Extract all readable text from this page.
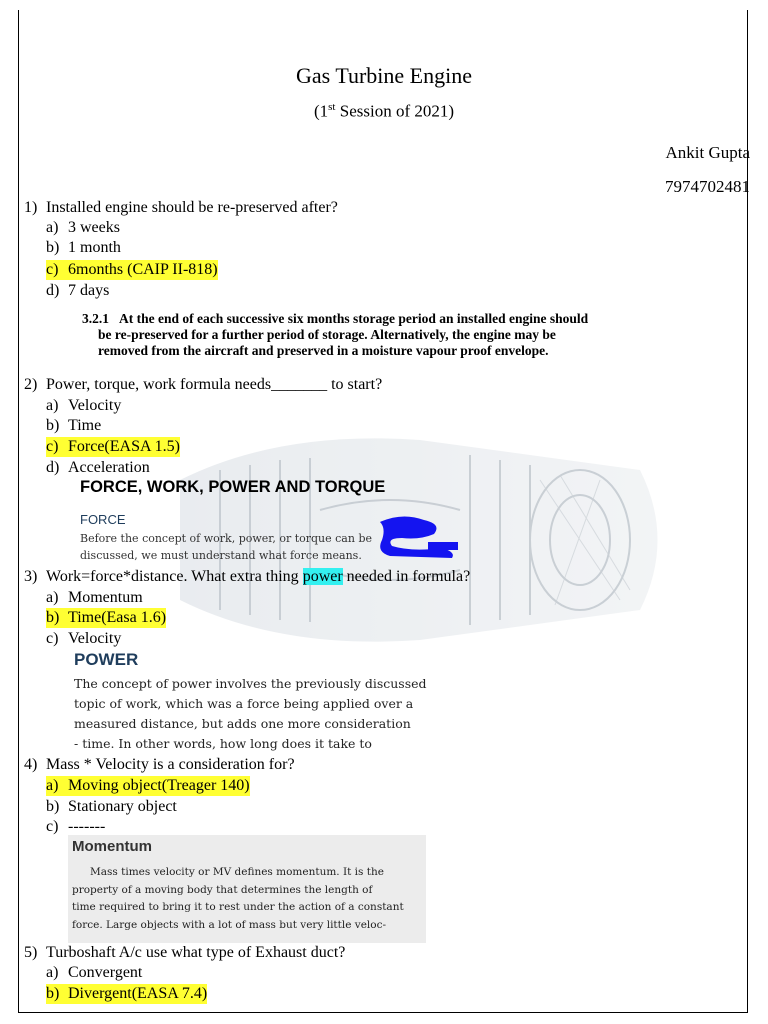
Gas Turbine Engine
(1st Session of 2021)
Ankit Gupta
7974702481
1) Installed engine should be re-preserved after?
a) 3 weeks
b) 1 month
c) 6months (CAIP II-818)
d) 7 days
3.2.1 At the end of each successive six months storage period an installed engine should
be re-preserved for a further period of storage. Alternatively, the engine may be
removed from the aircraft and preserved in a moisture vapour proof envelope.
2) Power, torque, work formula needs_______ to start?
a) Velocity
b) Time
c) Force(EASA 1.5)
d) Acceleration
FORCE, WORK, POWER AND TORQUE
FORCE
Before the concept of work, power, or torque can be
discussed, we must understand what force means.
3) Work=force*distance. What extra thing power needed in formula?
a) Momentum
b) Time(Easa 1.6)
c) Velocity
POWER
The concept of power involves the previously discussed
topic of work, which was a force being applied over a
measured distance, but adds one more consideration
- time. In other words, how long does it take to
4) Mass * Velocity is a consideration for?
a) Moving object(Treager 140)
b) Stationary object
c) -------
Momentum
Mass times velocity or MV defines momentum. It is the
property of a moving body that determines the length of
time required to bring it to rest under the action of a constant
force. Large objects with a lot of mass but very little veloc-
5) Turboshaft A/c use what type of Exhaust duct?
a) Convergent
b) Divergent(EASA 7.4)
